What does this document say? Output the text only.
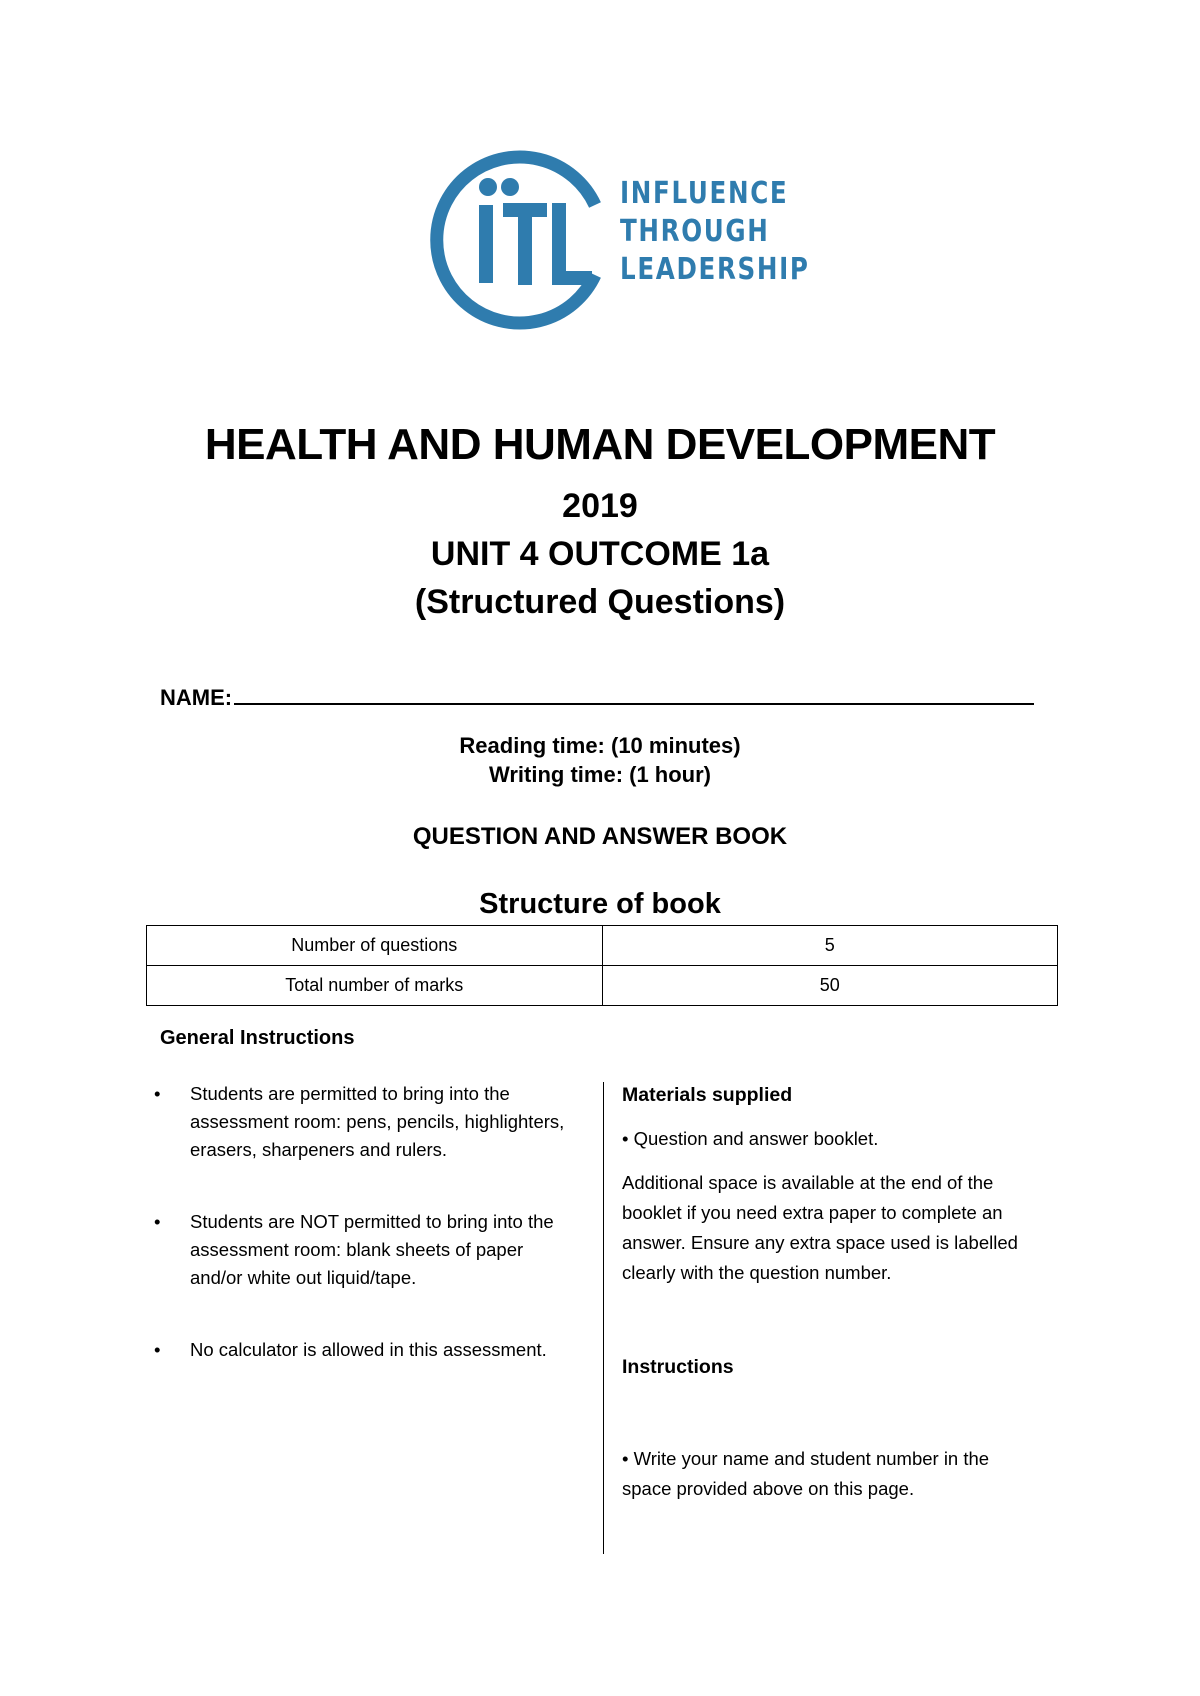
INFLUENCE
THROUGH
LEADERSHIP
HEALTH AND HUMAN DEVELOPMENT
2019
UNIT 4 OUTCOME 1a
(Structured Questions)
NAME:
Reading time: (10 minutes)
Writing time: (1 hour)
QUESTION AND ANSWER BOOK
Structure of book
Number of questions	5
Total number of marks	50
General Instructions
• Students are permitted to bring into the assessment room: pens, pencils, highlighters, erasers, sharpeners and rulers.

• Students are NOT permitted to bring into the assessment room: blank sheets of paper and/or white out liquid/tape.

• No calculator is allowed in this assessment.

Materials supplied

• Question and answer booklet.

Additional space is available at the end of the booklet if you need extra paper to complete an answer. Ensure any extra space used is labelled clearly with the question number.

Instructions

• Write your name and student number in the space provided above on this page.
